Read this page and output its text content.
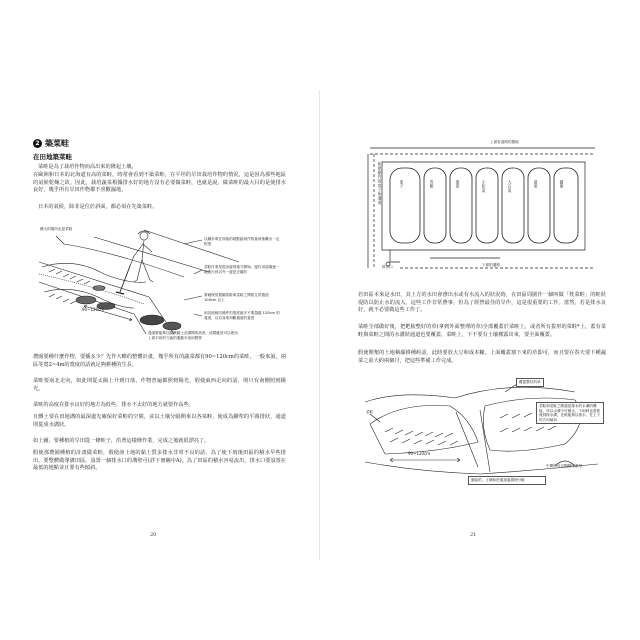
2 築菜畦
在田地築菜畦

菜畦是為了栽培作物而高出來的隆起土壤。

在歐洲和日本的北海道有高的菜畦，時常會看到不築菜畦，在平坦的旱田栽培作物的情況，這是因為那些地區的氣候乾燥之故。因此，栽培蔬菜根據排水好的地方沒有必要做菜畦，也就是說，做菜畦的最大目的是使排水良好，幾乎所有旱田作物都不喜歡濕地。

日本的氣候，除非是位於斜面，都必須在先築菜畦。

雞大的場所也是菜畦
以腳步乘在所踏的地點踏到作物會被抽離出一定程度
菜畦作業是從身邊的地方開始，邊作用道場逐一地進行到另外一邊是正確的
要確保放置圖菜畦與菜畦之間相互的通道 100cm 以上
和其他相同條件的寬度最多不要超越 120cm 的寬度，以自身來判斷通道的寬度
通道要能夠以圓鍬鏟土至溝間的高度，這樣應該可以使用上面平坦的刀齒的運動平坦而整齊
90~120cm

農園要種什麼作物，要播多少？先作大略的整體計畫，幾乎所有的蔬菜都有90~120cm的菜畦，一般來說，兩區等寬2~4m的寬度的話就足夠耕種的生長。

菜畦要南北走向，如此則從太陽上升到日落，作物普遍都照到陽光，假使東西走向的話，則只有南側照到陽光。

菜畦的高度在排水良好的地方為低些，排水不太好的地方就要作高些。

且髒土要在田地溝的最深處先確保好菜畦的空間，並以土壤分隔開來以各菜畦，使成為鋤犁的平圓排狀，通道則從成水溝狀。

如上圖，要種植的旱田從一條畦子，沿著這樣條作業，完成之後就很漂亮了。

假使那農園種植的計畫做菜畦，假使該土地的黏土質多排水非常不良的話，為了使下雨後田區的積水早些排出，要整體做導溝田區，設置一個排水口的溝壁可(詳下冊圖中A)。為了田區的積水容易流出，排水口要設置在最低的地點並且要有些傾斜。

20
上面有道路的農地
和屋側有的房子所通道	茄子	青椒	番茄	小松菜	大白菜	菠菜	蘿蔔
排水口	下面的通路

若田區本來是水田，其上方的水田會滲出水或有水流入的狀況時，在田區周圍作一個叫做「枕菜畦」的畦狀堤防以防止水的流入，這些工作非常費事，但為了經營最佳的旱作，這是很重要的工作。當然，若是排水良好，就不必要做這些工作了。

菜畦全部做好後，把耙梳整好的草(拿到外面整理的草)全部覆蓋於菜畦上，或者所有拔形的菜畦*上，蓋有菜畦與菜畦之間的水溝狀通道也要覆蓋。菜畦上，下不要有土壤裸露出來，要全面覆蓋。

假使開墾的土地稱蘊耕種約話，此時要放大豆和成本糠。上面覆蓋割下來的草即可，而且要在春天要下種蔬菜之前大約兩個月，把這些準備工作完成。

覆蓋整好的草
菜畦和菜畦之間還是排水的水溝的機能，所以水溝不可積水，下雨時也需要流到排水溝，比較能夠以排水，在上下的方向傾斜
菜畦
90~120cm
中間的可以隔開作業用
圍起的，土壤和把通道處置埋分畦
21
